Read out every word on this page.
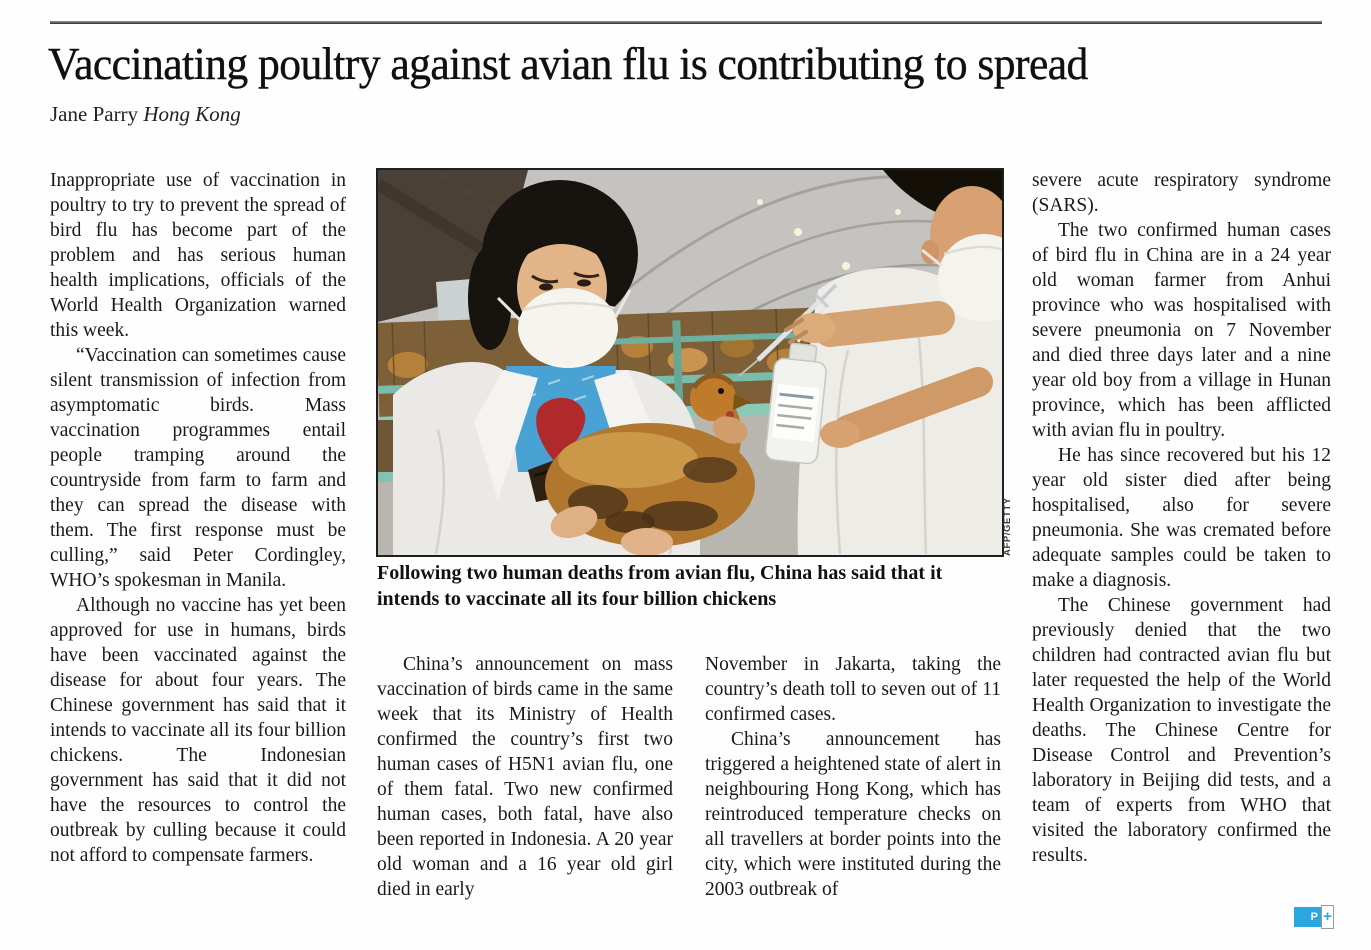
Vaccinating poultry against avian flu is contributing to spread
Jane Parry Hong Kong

Inappropriate use of vaccination in poultry to try to prevent the spread of bird flu has become part of the problem and has serious human health implications, officials of the World Health Organization warned this week.

“Vaccination can sometimes cause silent transmission of infection from asymptomatic birds. Mass vaccination programmes entail people tramping around the countryside from farm to farm and they can spread the disease with them. The first response must be culling,” said Peter Cordingley, WHO’s spokesman in Manila.

Although no vaccine has yet been approved for use in humans, birds have been vaccinated against the disease for about four years. The Chinese government has said that it intends to vaccinate all its four billion chickens. The Indonesian government has said that it did not have the resources to control the outbreak by culling because it could not afford to compensate farmers.

AFP/GETTY

Following two human deaths from avian flu, China has said that it intends to vaccinate all its four billion chickens

China’s announcement on mass vaccination of birds came in the same week that its Ministry of Health confirmed the country’s first two human cases of H5N1 avian flu, one of them fatal. Two new confirmed human cases, both fatal, have also been reported in Indonesia. A 20 year old woman and a 16 year old girl died in early

November in Jakarta, taking the country’s death toll to seven out of 11 confirmed cases.

China’s announcement has triggered a heightened state of alert in neighbouring Hong Kong, which has reintroduced temperature checks on all travellers at border points into the city, which were instituted during the 2003 outbreak of

severe acute respiratory syndrome (SARS).

The two confirmed human cases of bird flu in China are in a 24 year old woman farmer from Anhui province who was hospitalised with severe pneumonia on 7 November and died three days later and a nine year old boy from a village in Hunan province, which has been afflicted with avian flu in poultry.

He has since recovered but his 12 year old sister died after being hospitalised, also for severe pneumonia. She was cremated before adequate samples could be taken to make a diagnosis.

The Chinese government had previously denied that the two children had contracted avian flu but later requested the help of the World Health Organization to investigate the deaths. The Chinese Centre for Disease Control and Prevention’s laboratory in Beijing did tests, and a team of experts from WHO that visited the laboratory confirmed the results.

P +
